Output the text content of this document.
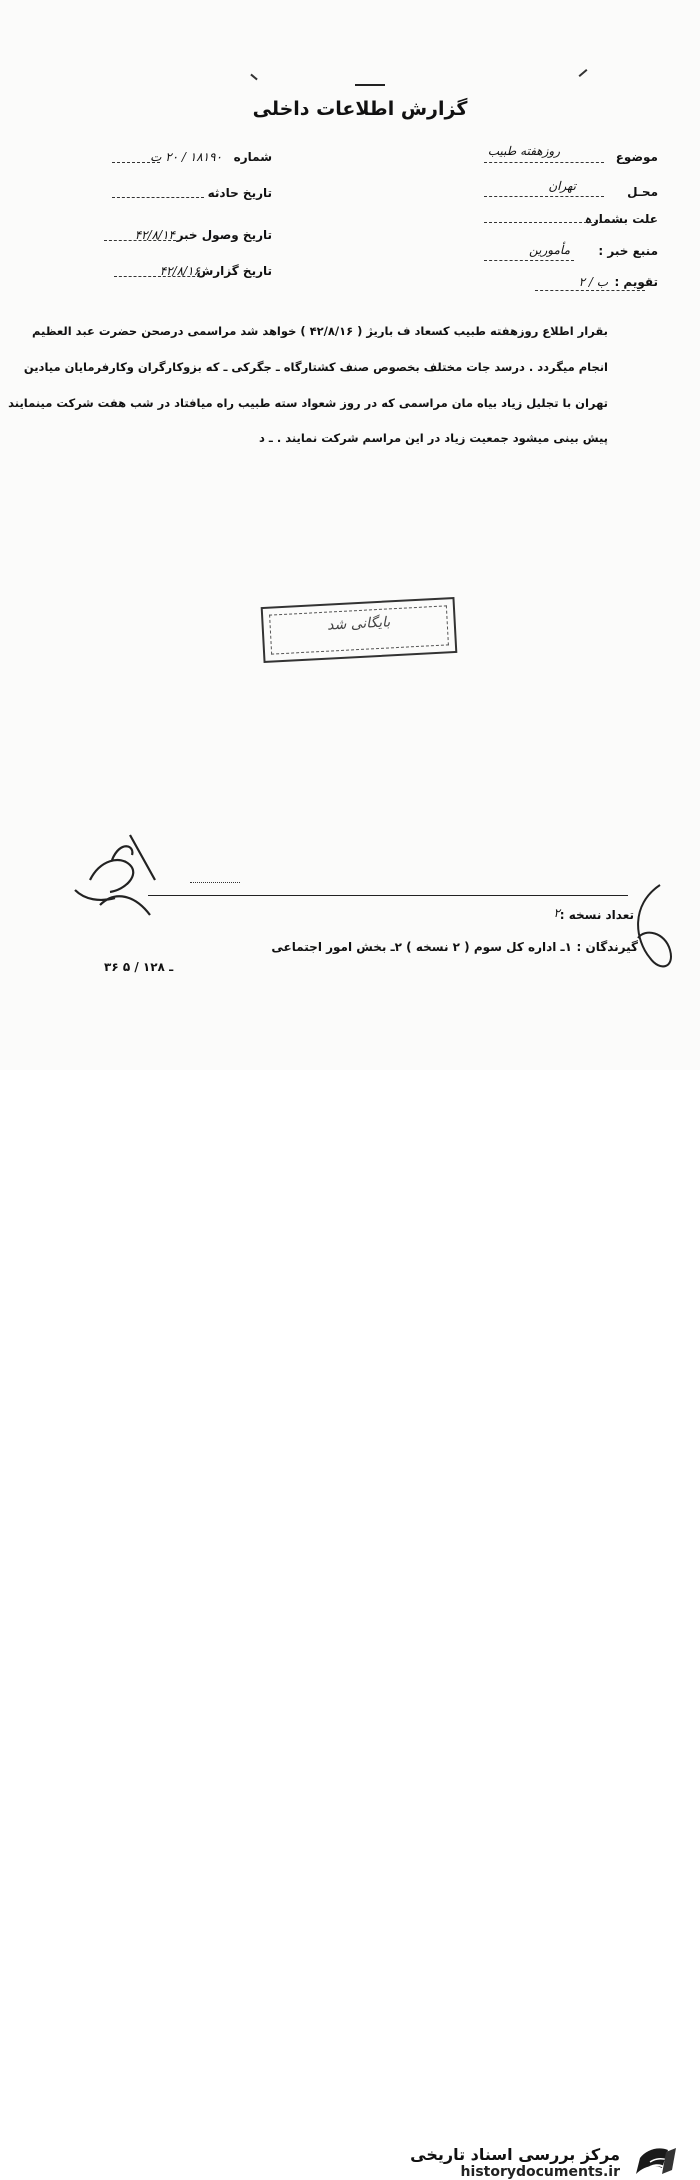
گزارش اطلاعات داخلی
موضوع
روزهفته طبیب
محـل
تهران
علت بشمارہ
منبع خبر :
مأمورین
تقویم :
ب / ۲
شماره
۱۸۱۹۰ / ۲۰ ت
تاریخ حادثه
تاریخ وصول خبر
۴۲/۸/۱۴
تاریخ گزارش
۴۲/۸/۱۶
بقرار اطلاع روزهفته طبیب کسعاد ف باریژ ( ۴۲/۸/۱۶ ) خواهد شد مراسمی درصحن حضرت عبد العظیم
انجام میگردد . درسد جات مختلف بخصوص صنف کشتارگاه ـ جگرکی ـ که بزوکارگران وکارفرمایان میادین
تهران با تجلیل زیاد بیاه مان مراسمی که در روز شعواد سته طبیب راه میافتاد در شب هفت شرکت مینمایند
پیش بینی میشود جمعیت زیاد در این مراسم شرکت نمایند . ـ د
بایگانی شد
تعداد نسخه :
۲
گیرندگان :
۱ـ اداره کل سوم ( ۲ نسخه ) ۲ـ بخش امور اجتماعی
۳۶ ـ ۱۲۸ / ۵
مرکز بررسی اسناد تاریخی
historydocuments.ir
